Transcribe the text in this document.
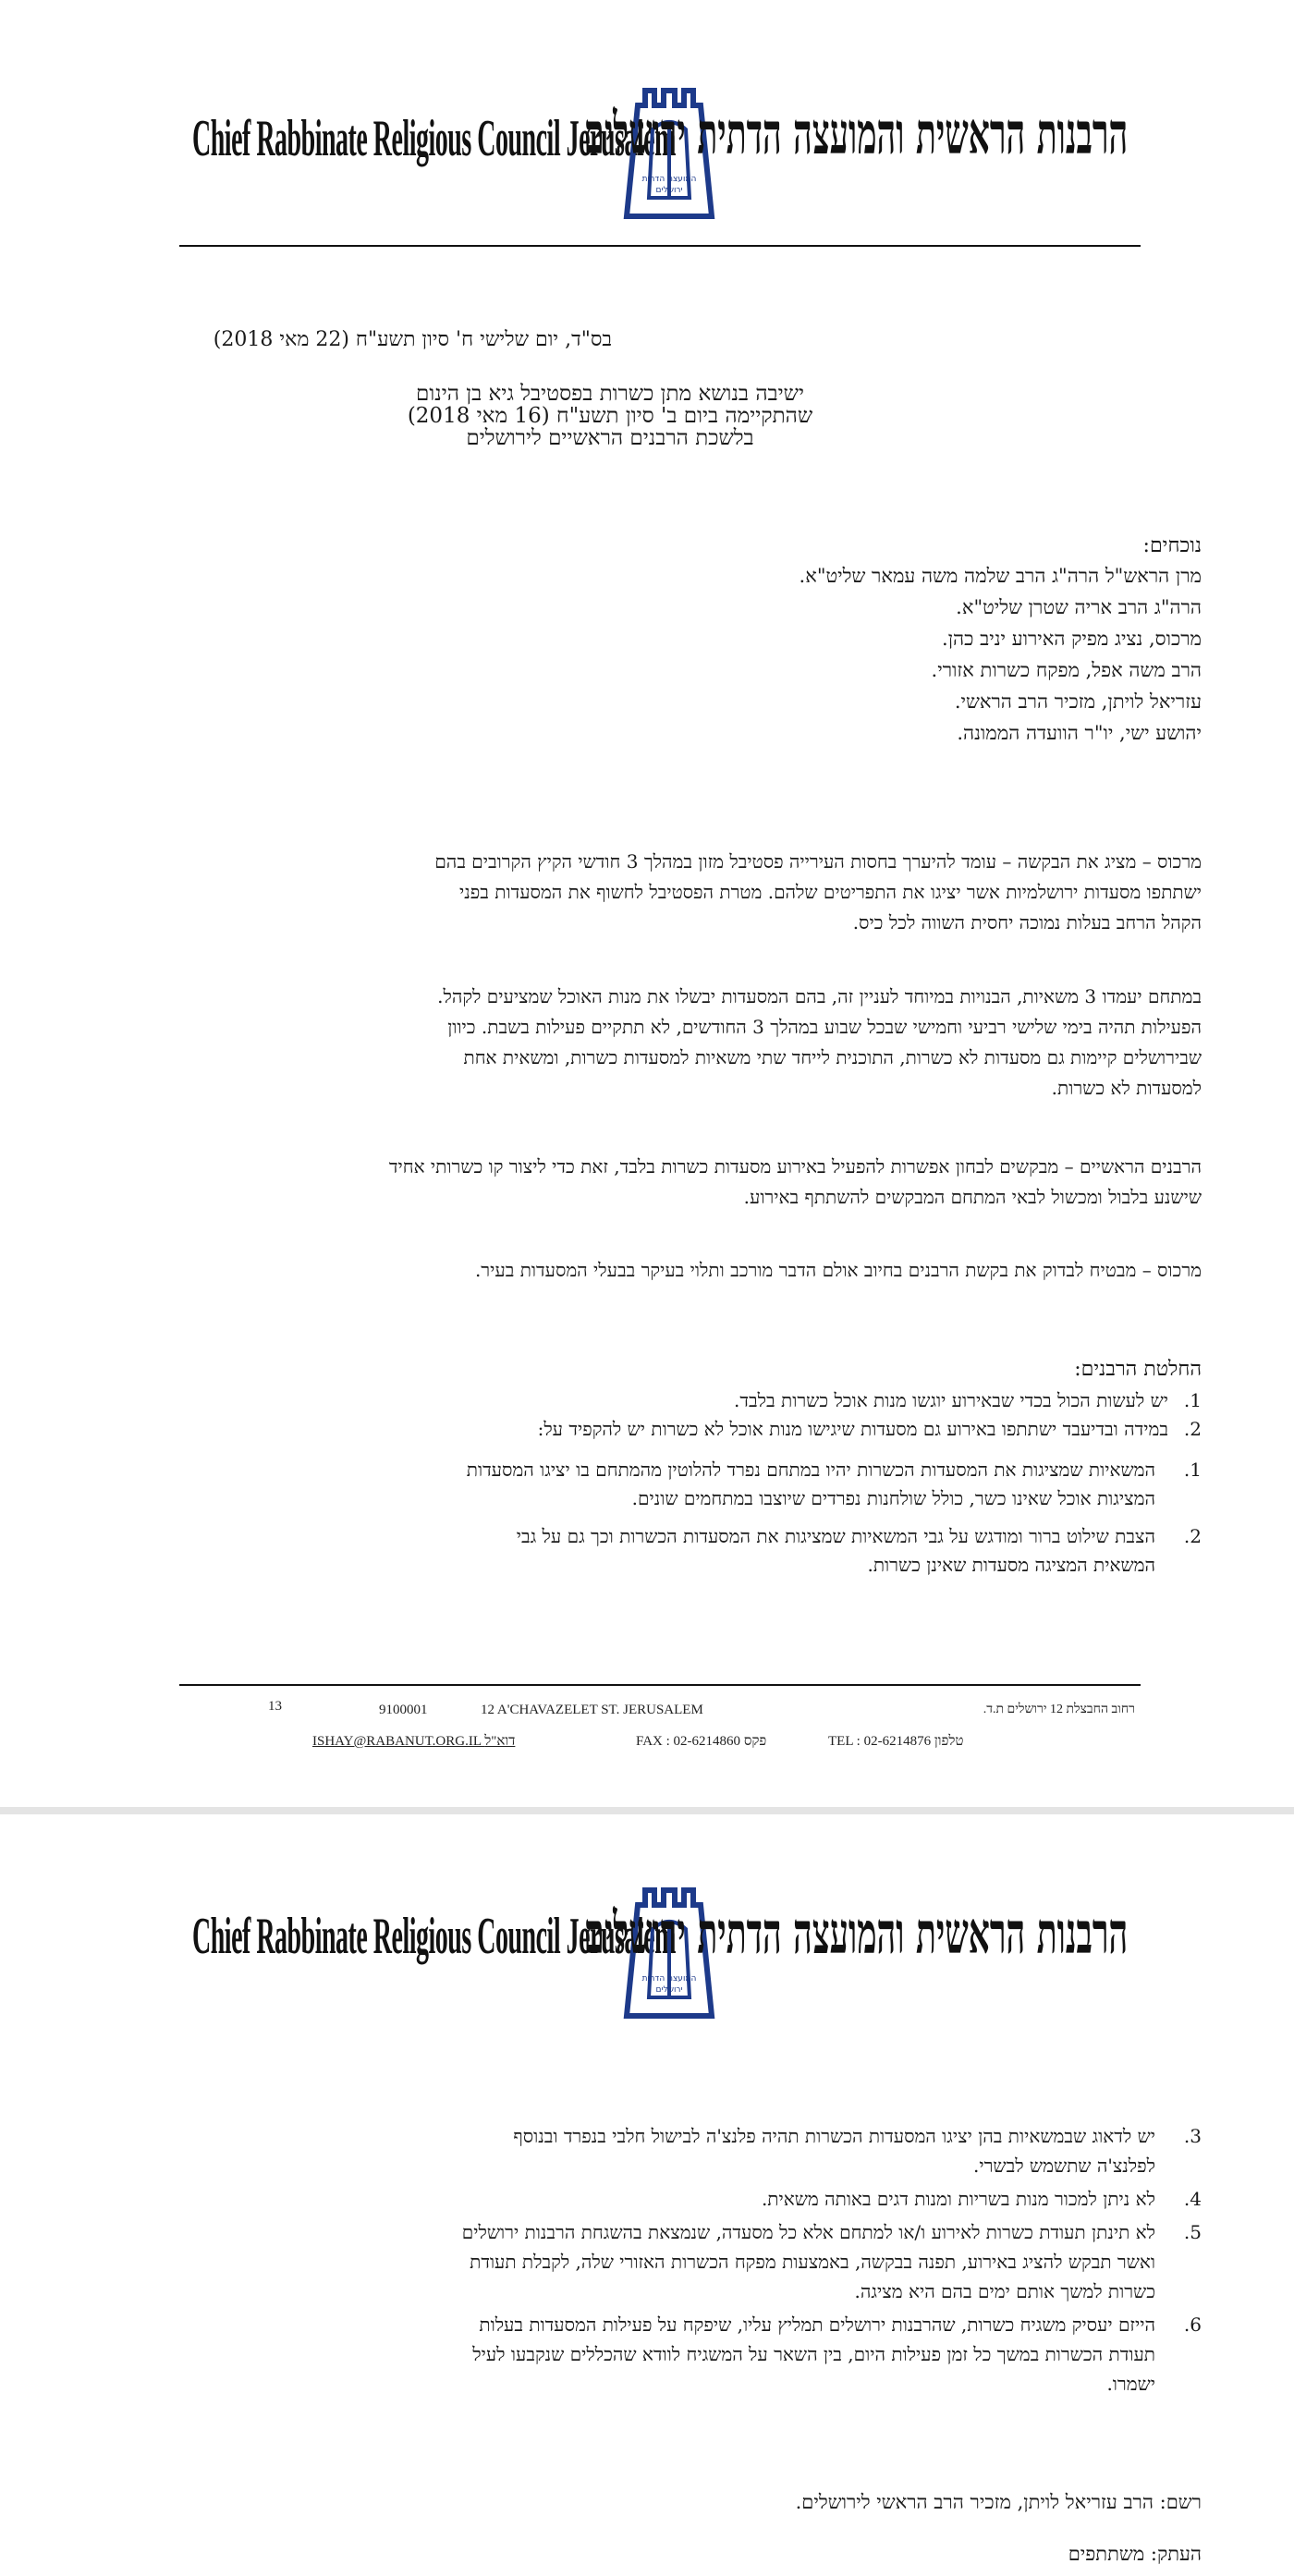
Chief Rabbinate Religious Council Jerusalem
המועצה הדתית
ירושלים
הרבנות הראשית והמועצה הדתית ירושלים
בס"ד, יום שלישי ח' סיון תשע"ח (22 מאי 2018)
ישיבה בנושא מתן כשרות בפסטיבל גיא בן הינום
שהתקיימה ביום ב' סיון תשע"ח (16 מאי 2018)
בלשכת הרבנים הראשיים לירושלים
נוכחים:
מרן הראש"ל הרה"ג הרב שלמה משה עמאר שליט"א.
הרה"ג הרב אריה שטרן שליט"א.
מרכוס, נציג מפיק האירוע יניב כהן.
הרב משה אפל, מפקח כשרות אזורי.
עזריאל לויתן, מזכיר הרב הראשי.
יהושע ישי, יו"ר הוועדה הממונה.
מרכוס – מציג את הבקשה – עומד להיערך בחסות העירייה פסטיבל מזון במהלך 3 חודשי הקיץ הקרובים בהם
ישתתפו מסעדות ירושלמיות אשר יציגו את התפריטים שלהם. מטרת הפסטיבל לחשוף את המסעדות בפני
הקהל הרחב בעלות נמוכה יחסית השווה לכל כיס.
במתחם יעמדו 3 משאיות, הבנויות במיוחד לעניין זה, בהם המסעדות יבשלו את מנות האוכל שמציעים לקהל.
הפעילות תהיה בימי שלישי רביעי וחמישי שבכל שבוע במהלך 3 החודשים, לא תתקיים פעילות בשבת. כיוון
שבירושלים קיימות גם מסעדות לא כשרות, התוכנית לייחד שתי משאיות למסעדות כשרות, ומשאית אחת
למסעדות לא כשרות.
הרבנים הראשיים – מבקשים לבחון אפשרות להפעיל באירוע מסעדות כשרות בלבד, זאת כדי ליצור קו כשרותי אחיד
שישנע בלבול ומכשול לבאי המתחם המבקשים להשתתף באירוע.
מרכוס – מבטיח לבדוק את בקשת הרבנים בחיוב אולם הדבר מורכב ותלוי בעיקר בבעלי המסעדות בעיר.
החלטת הרבנים:
1.
יש לעשות הכול בכדי שבאירוע יוגשו מנות אוכל כשרות בלבד.
2.
במידה ובדיעבד ישתתפו באירוע גם מסעדות שיגישו מנות אוכל לא כשרות יש להקפיד על:
1.
המשאיות שמציגות את המסעדות הכשרות יהיו במתחם נפרד להלוטין מהמתחם בו יציגו המסעדות
המציגות אוכל שאינו כשר, כולל שולחנות נפרדים שיוצבו במתחמים שונים.
2.
הצבת שילוט ברור ומודגש על גבי המשאיות שמציגות את המסעדות הכשרות וכך גם על גבי
המשאית המציגה מסעדות שאינן כשרות.
13	9100001	12 A'CHAVAZELET ST. JERUSALEM	רחוב החבצלת 12 ירושלים ת.ד.
ISHAY@RABANUT.ORG.IL דוא"ל	FAX : 02-6214860 פקס	TEL : 02-6214876 טלפון
Chief Rabbinate Religious Council Jerusalem
המועצה הדתית
ירושלים
הרבנות הראשית והמועצה הדתית ירושלים
3.
יש לדאוג שבמשאיות בהן יציגו המסעדות הכשרות תהיה פלנצ'ה לבישול חלבי בנפרד ובנוסף
לפלנצ'ה שתשמש לבשרי.
4.
לא ניתן למכור מנות בשריות ומנות דגים באותה משאית.
5.
לא תינתן תעודת כשרות לאירוע ו/או למתחם אלא כל מסעדה, שנמצאת בהשגחת הרבנות ירושלים
ואשר תבקש להציג באירוע, תפנה בבקשה, באמצעות מפקח הכשרות האזורי שלה, לקבלת תעודת
כשרות למשך אותם ימים בהם היא מציגה.
6.
הייזם יעסיק משגיח כשרות, שהרבנות ירושלים תמליץ עליו, שיפקח על פעילות המסעדות בעלות
תעודת הכשרות במשך כל זמן פעילות היום, בין השאר על המשגיח לוודא שהכללים שנקבעו לעיל
ישמרו.
רשם: הרב עזריאל לויתן, מזכיר הרב הראשי לירושלים.
העתק: משתתפים
